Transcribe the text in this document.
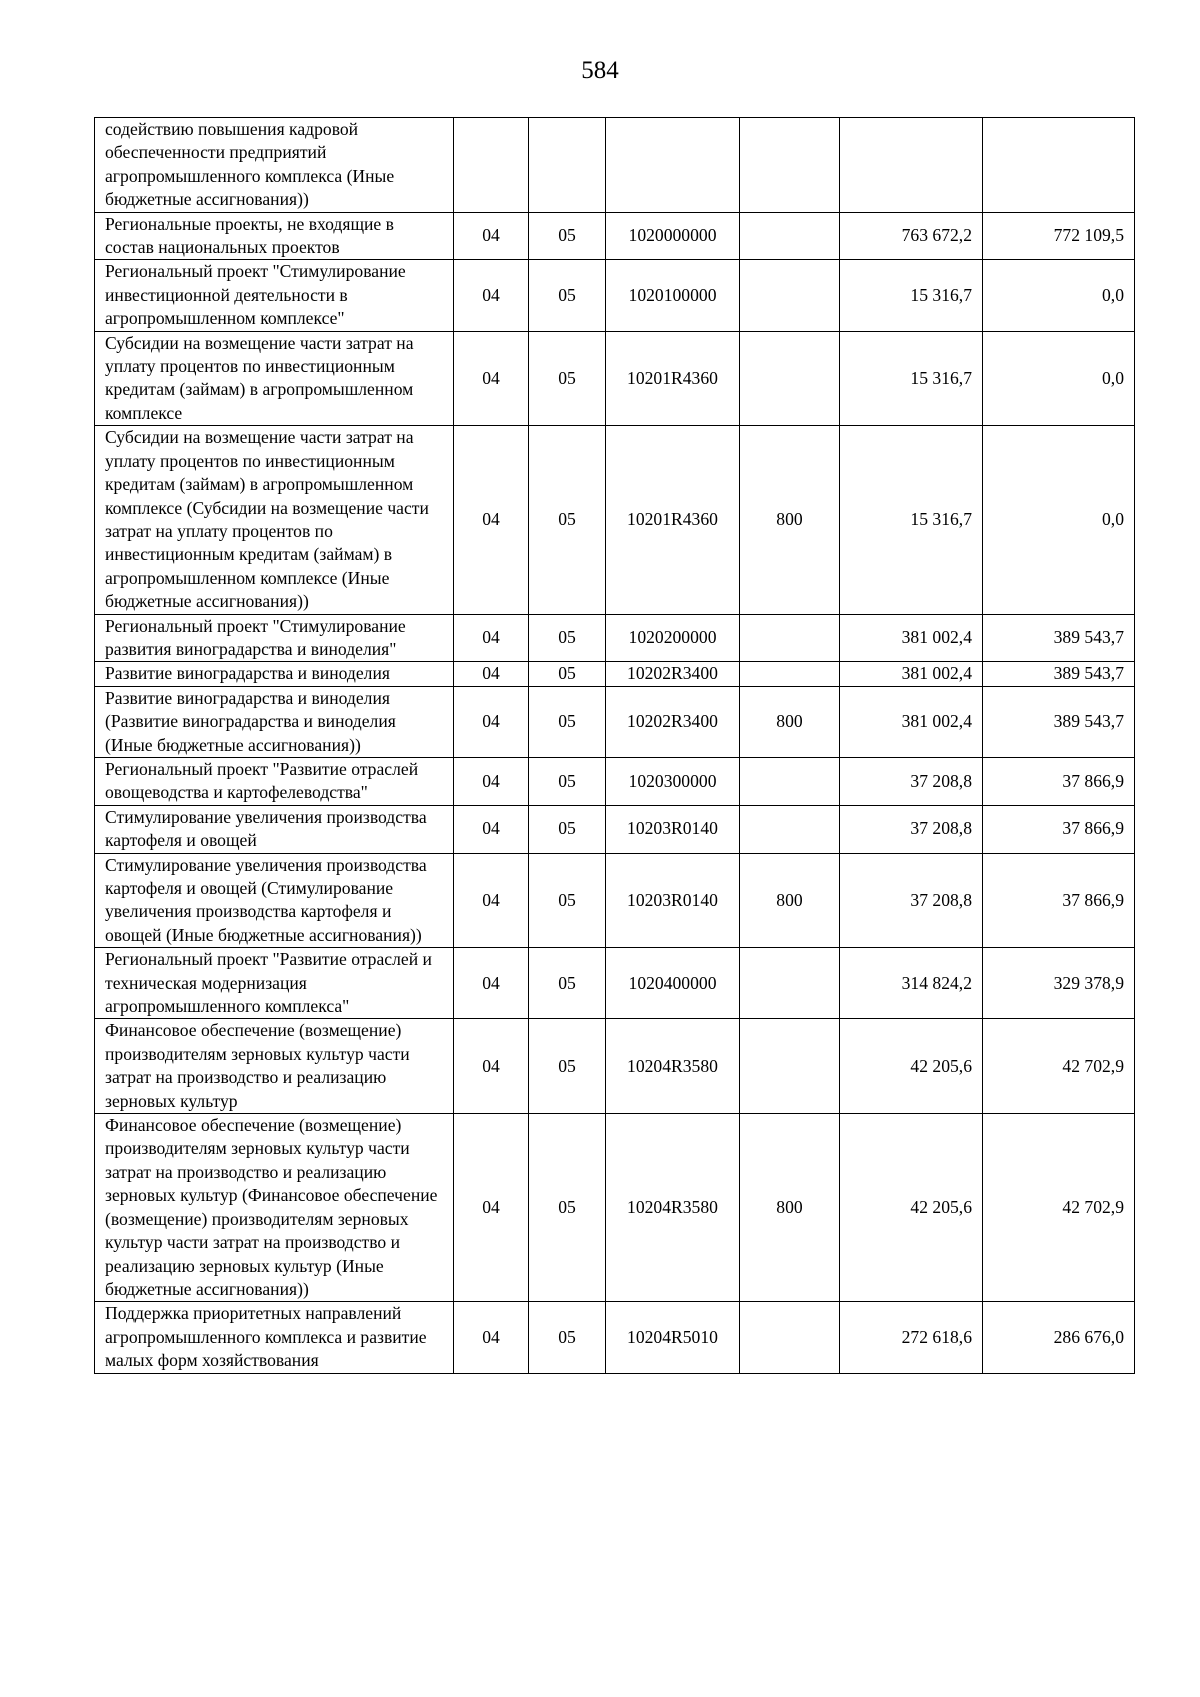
584
содействию повышения кадровой обеспеченности предприятий агропромышленного комплекса (Иные бюджетные ассигнования))						
Региональные проекты, не входящие в состав национальных проектов	04	05	1020000000		763 672,2	772 109,5
Региональный проект "Стимулирование инвестиционной деятельности в агропромышленном комплексе"	04	05	1020100000		15 316,7	0,0
Субсидии на возмещение части затрат на уплату процентов по инвестиционным кредитам (займам) в агропромышленном комплексе	04	05	10201R4360		15 316,7	0,0
Субсидии на возмещение части затрат на уплату процентов по инвестиционным кредитам (займам) в агропромышленном комплексе (Субсидии на возмещение части затрат на уплату процентов по инвестиционным кредитам (займам) в агропромышленном комплексе (Иные бюджетные ассигнования))	04	05	10201R4360	800	15 316,7	0,0
Региональный проект "Стимулирование развития виноградарства и виноделия"	04	05	1020200000		381 002,4	389 543,7
Развитие виноградарства и виноделия	04	05	10202R3400		381 002,4	389 543,7
Развитие виноградарства и виноделия (Развитие виноградарства и виноделия (Иные бюджетные ассигнования))	04	05	10202R3400	800	381 002,4	389 543,7
Региональный проект "Развитие отраслей овощеводства и картофелеводства"	04	05	1020300000		37 208,8	37 866,9
Стимулирование увеличения производства картофеля и овощей	04	05	10203R0140		37 208,8	37 866,9
Стимулирование увеличения производства картофеля и овощей (Стимулирование увеличения производства картофеля и овощей (Иные бюджетные ассигнования))	04	05	10203R0140	800	37 208,8	37 866,9
Региональный проект "Развитие отраслей и техническая модернизация агропромышленного комплекса"	04	05	1020400000		314 824,2	329 378,9
Финансовое обеспечение (возмещение) производителям зерновых культур части затрат на производство и реализацию зерновых культур	04	05	10204R3580		42 205,6	42 702,9
Финансовое обеспечение (возмещение) производителям зерновых культур части затрат на производство и реализацию зерновых культур (Финансовое обеспечение (возмещение) производителям зерновых культур части затрат на производство и реализацию зерновых культур (Иные бюджетные ассигнования))	04	05	10204R3580	800	42 205,6	42 702,9
Поддержка приоритетных направлений агропромышленного комплекса и развитие малых форм хозяйствования	04	05	10204R5010		272 618,6	286 676,0
